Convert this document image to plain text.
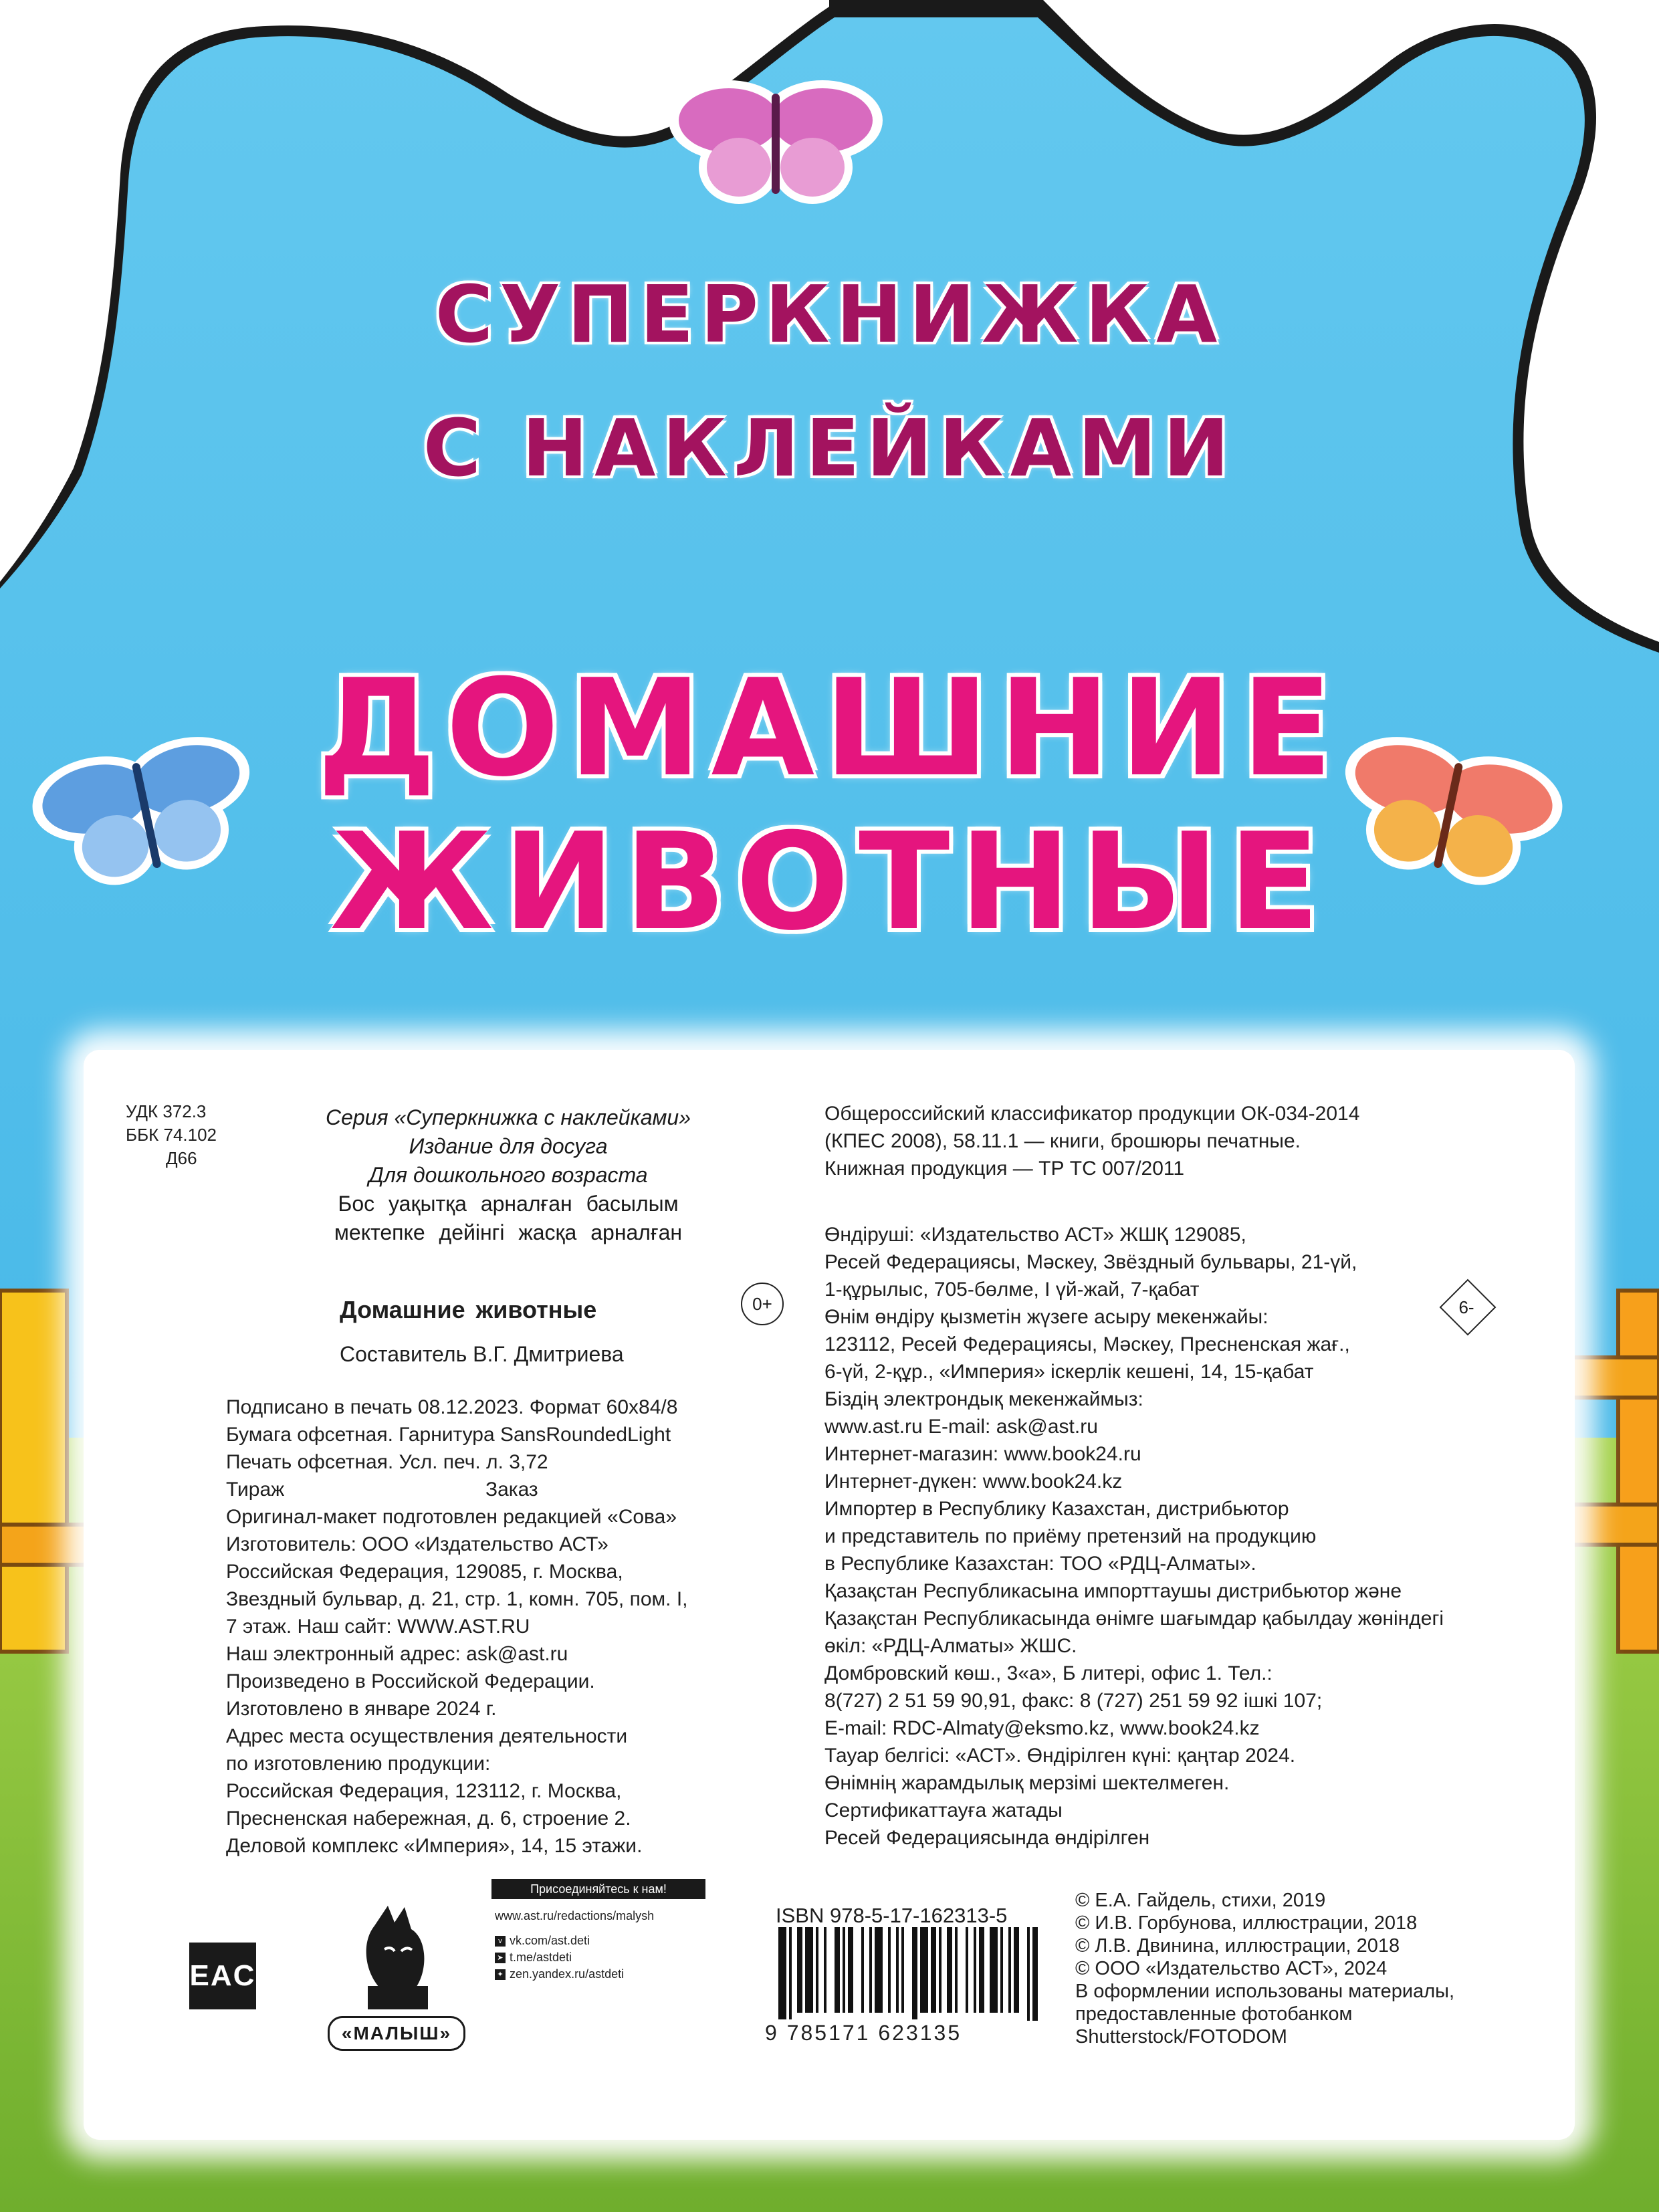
СУПЕРКНИЖКА
С НАКЛЕЙКАМИ
ДОМАШНИЕ
ЖИВОТНЫЕ
УДК 372.3
ББК 74.102
Д66
Серия «Суперкнижка с наклейками»
Издание для досуга
Для дошкольного возраста
Бос уақытқа арналған басылым
мектепке дейінгі жасқа арналған
Домашние животные	0+
Составитель В.Г. Дмитриева
Подписано в печать 08.12.2023. Формат 60x84/8
Бумага офсетная. Гарнитура SansRoundedLight
Печать офсетная. Усл. печ. л. 3,72
Тираж	Заказ
Оригинал-макет подготовлен редакцией «Сова»
Изготовитель: ООО «Издательство АСТ»
Российская Федерация, 129085, г. Москва,
Звездный бульвар, д. 21, стр. 1, комн. 705, пом. I,
7 этаж. Наш сайт: WWW.AST.RU
Наш электронный адрес: ask@ast.ru
Произведено в Российской Федерации.
Изготовлено в январе 2024 г.
Адрес места осуществления деятельности
по изготовлению продукции:
Российская Федерация, 123112, г. Москва,
Пресненская набережная, д. 6, строение 2.
Деловой комплекс «Империя», 14, 15 этажи.
Общероссийский классификатор продукции ОК-034-2014
(КПЕС 2008), 58.11.1 — книги, брошюры печатные.
Книжная продукция — ТР ТС 007/2011
6-
Өндіруші: «Издательство АСТ» ЖШҚ 129085,
Ресей Федерациясы, Мәскеу, Звёздный бульвары, 21-үй,
1-құрылыс, 705-бөлме, I үй-жай, 7-қабат
Өнім өндіру қызметін жүзеге асыру мекенжайы:
123112, Ресей Федерациясы, Мәскеу, Пресненская жағ.,
6-үй, 2-құр., «Империя» іскерлік кешені, 14, 15-қабат
Біздің электрондық мекенжаймыз:
www.ast.ru E-mail: ask@ast.ru
Интернет-магазин: www.book24.ru
Интернет-дүкен: www.book24.kz
Импортер в Республику Казахстан, дистрибьютор
и представитель по приёму претензий на продукцию
в Республике Казахстан: ТОО «РДЦ-Алматы».
Қазақстан Республикасына импорттаушы дистрибьютор және
Қазақстан Республикасында өнімге шағымдар қабылдау жөніндегі
өкіл: «РДЦ-Алматы» ЖШС.
Домбровский көш., 3«а», Б литері, офис 1. Тел.:
8(727) 2 51 59 90,91, факс: 8 (727) 251 59 92 ішкі 107;
E-mail: RDC-Almaty@eksmo.kz, www.book24.kz
Тауар белгісі: «АСТ». Өндірілген күні: қаңтар 2024.
Өнімнің жарамдылық мерзімі шектелмеген.
Сертификаттауға жатады
Ресей Федерациясында өндірілген
© Е.А. Гайдель, стихи, 2019
© И.В. Горбунова, иллюстрации, 2018
© Л.В. Двинина, иллюстрации, 2018
© ООО «Издательство АСТ», 2024
В оформлении использованы материалы,
предоставленные фотобанком
Shutterstock/FOTODOM
EAC
«МАЛЫШ»
Присоединяйтесь к нам!
www.ast.ru/redactions/malysh
v vk.com/ast.deti
➤ t.me/astdeti
✦ zen.yandex.ru/astdeti
ISBN 978-5-17-162313-5
9 785171 623135
